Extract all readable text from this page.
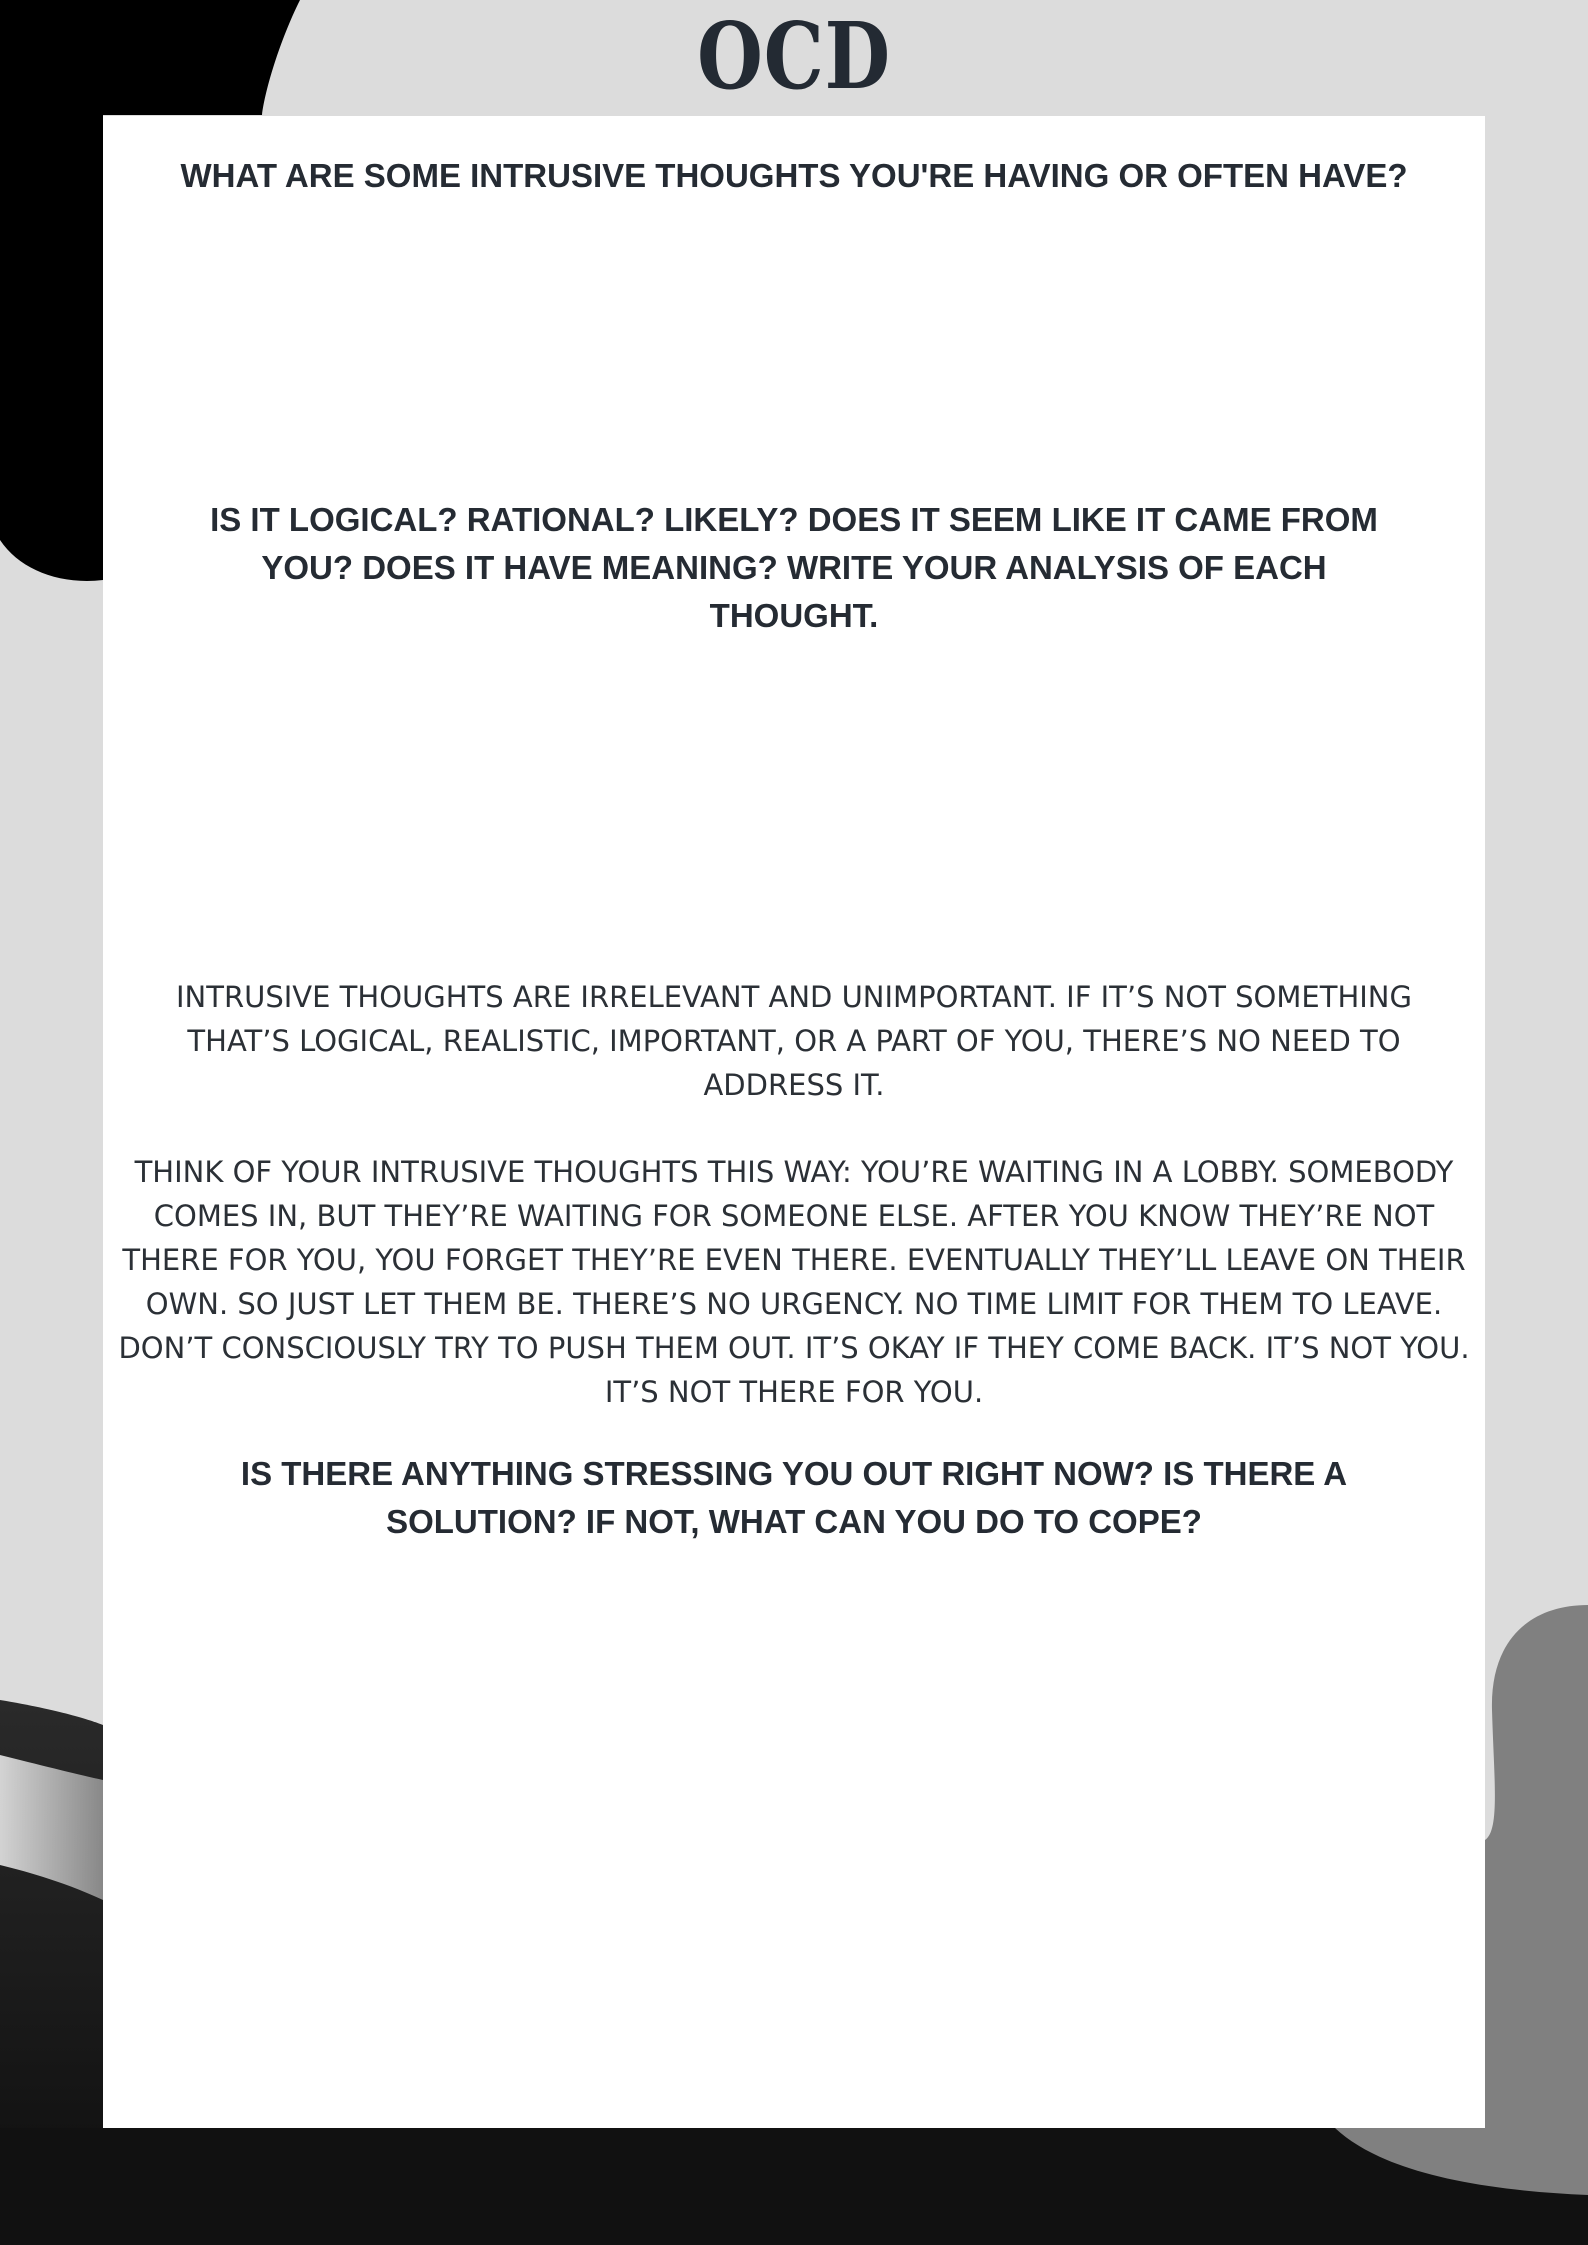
OCD
WHAT ARE SOME INTRUSIVE THOUGHTS YOU'RE HAVING OR OFTEN HAVE?
IS IT LOGICAL? RATIONAL? LIKELY? DOES IT SEEM LIKE IT CAME FROM YOU? DOES IT HAVE MEANING? WRITE YOUR ANALYSIS OF EACH THOUGHT.

INTRUSIVE THOUGHTS ARE IRRELEVANT AND UNIMPORTANT. IF IT’S NOT SOMETHING THAT’S LOGICAL, REALISTIC, IMPORTANT, OR A PART OF YOU, THERE’S NO NEED TO ADDRESS IT.

THINK OF YOUR INTRUSIVE THOUGHTS THIS WAY: YOU’RE WAITING IN A LOBBY. SOMEBODY COMES IN, BUT THEY’RE WAITING FOR SOMEONE ELSE. AFTER YOU KNOW THEY’RE NOT THERE FOR YOU, YOU FORGET THEY’RE EVEN THERE. EVENTUALLY THEY’LL LEAVE ON THEIR OWN. SO JUST LET THEM BE. THERE’S NO URGENCY. NO TIME LIMIT FOR THEM TO LEAVE. DON’T CONSCIOUSLY TRY TO PUSH THEM OUT. IT’S OKAY IF THEY COME BACK. IT’S NOT YOU. IT’S NOT THERE FOR YOU.

IS THERE ANYTHING STRESSING YOU OUT RIGHT NOW? IS THERE A SOLUTION? IF NOT, WHAT CAN YOU DO TO COPE?
